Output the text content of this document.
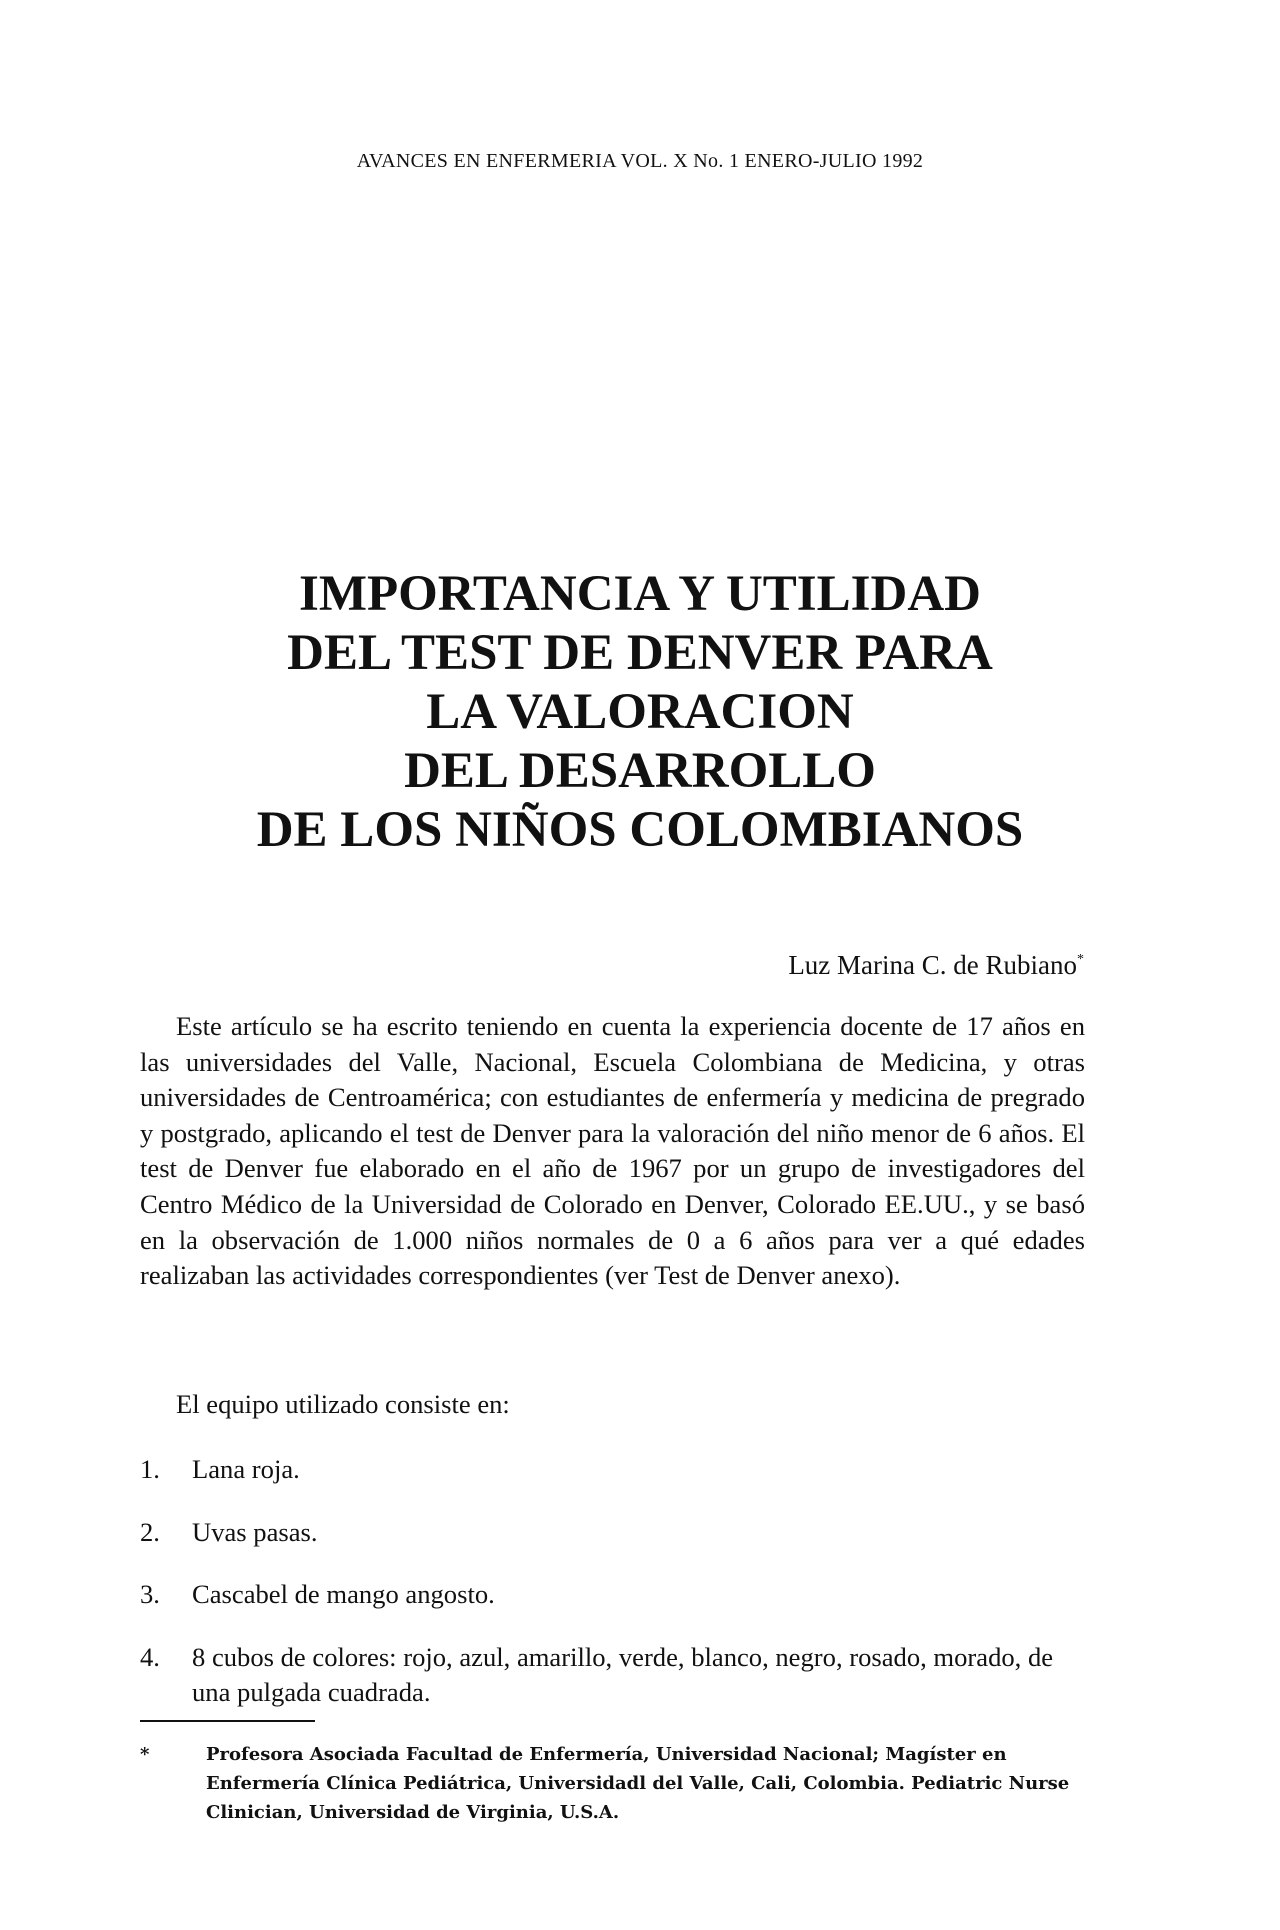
AVANCES EN ENFERMERIA VOL. X No. 1 ENERO-JULIO 1992
IMPORTANCIA Y UTILIDAD
DEL TEST DE DENVER PARA
LA VALORACION
DEL DESARROLLO
DE LOS NIÑOS COLOMBIANOS
Luz Marina C. de Rubiano*
Este artículo se ha escrito teniendo en cuenta la experiencia docente de 17 años en las universidades del Valle, Nacional, Escuela Colombiana de Medicina, y otras universidades de Centroamérica; con estudiantes de enfermería y medicina de pregrado y postgrado, aplicando el test de Denver para la valoración del niño menor de 6 años. El test de Denver fue elaborado en el año de 1967 por un grupo de investigadores del Centro Médico de la Universidad de Colorado en Denver, Colorado EE.UU., y se basó en la observación de 1.000 niños normales de 0 a 6 años para ver a qué edades realizaban las actividades correspondientes (ver Test de Denver anexo).
El equipo utilizado consiste en:
1. Lana roja.
2. Uvas pasas.
3. Cascabel de mango angosto.
4. 8 cubos de colores: rojo, azul, amarillo, verde, blanco, negro, rosado, morado, de una pulgada cuadrada.
*	Profesora Asociada Facultad de Enfermería, Universidad Nacional; Magíster en Enfermería Clínica Pediátrica, Universidadl del Valle, Cali, Colombia. Pediatric Nurse Clinician, Universidad de Virginia, U.S.A.
